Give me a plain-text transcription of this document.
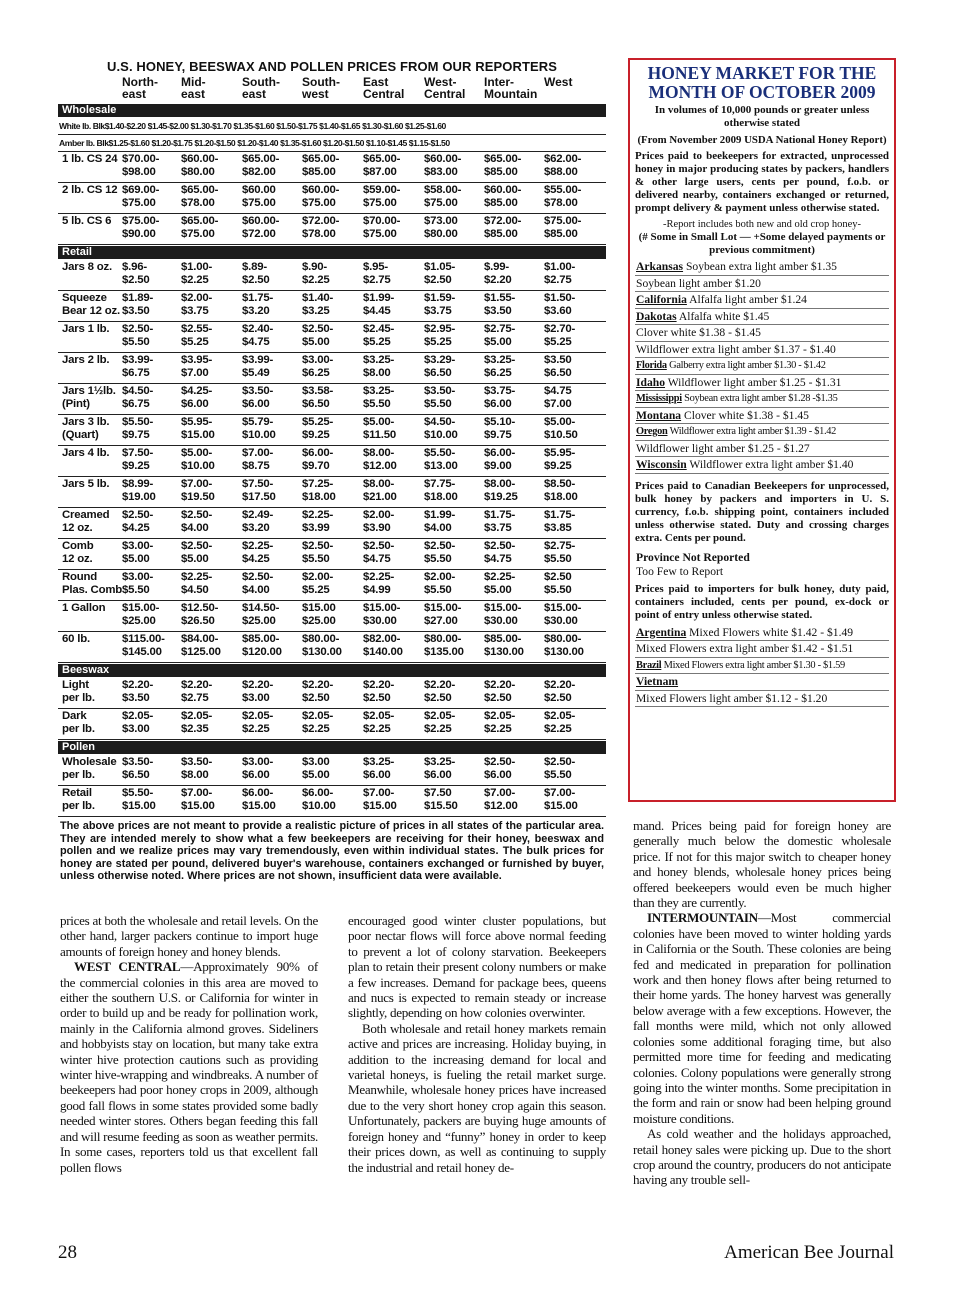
U.S. HONEY, BEESWAX AND POLLEN PRICES FROM OUR REPORTERS
North-
east
Mid-
east
South-
east
South-
west
East
Central
West-
Central
Inter-
Mountain
West
Wholesale
White lb. Blk$1.40-$2.20 $1.45-$2.00 $1.30-$1.70 $1.35-$1.60 $1.50-$1.75 $1.40-$1.65 $1.30-$1.60 $1.25-$1.60
Amber lb. Blk$1.25-$1.60 $1.20-$1.75 $1.20-$1.50 $1.20-$1.40 $1.35-$1.60 $1.20-$1.50 $1.10-$1.45 $1.15-$1.50
1 lb. CS 24 $70.00-
$98.00
$60.00-
$80.00
$65.00-
$82.00
$65.00-
$85.00
$65.00-
$87.00
$60.00-
$83.00
$65.00-
$85.00
$62.00-
$88.00
2 lb. CS 12 $69.00-
$75.00
$65.00-
$78.00
$60.00
$75.00
$60.00-
$75.00
$59.00-
$75.00
$58.00-
$75.00
$60.00-
$85.00
$55.00-
$78.00
5 lb. CS 6 $75.00-
$90.00
$65.00-
$75.00
$60.00-
$72.00
$72.00-
$78.00
$70.00-
$75.00
$73.00
$80.00
$72.00-
$85.00
$75.00-
$85.00
Retail
Jars 8 oz. $.96-
$2.50
$1.00-
$2.25
$.89-
$2.50
$.90-
$2.25
$.95-
$2.75
$1.05-
$2.50
$.99-
$2.20
$1.00-
$2.75
Squeeze
Bear 12 oz.
$1.89-
$3.50
$2.00-
$3.75
$1.75-
$3.20
$1.40-
$3.25
$1.99-
$4.45
$1.59-
$3.75
$1.55-
$3.50
$1.50-
$3.60
Jars 1 lb. $2.50-
$5.50
$2.55-
$5.25
$2.40-
$4.75
$2.50-
$5.00
$2.45-
$5.25
$2.95-
$5.25
$2.75-
$5.00
$2.70-
$5.25
Jars 2 lb. $3.99-
$6.75
$3.95-
$7.00
$3.99-
$5.49
$3.00-
$6.25
$3.25-
$8.00
$3.29-
$6.50
$3.25-
$6.25
$3.50
$6.50
Jars 1½lb.
(Pint)
$4.50-
$6.75
$4.25-
$6.00
$3.50-
$6.00
$3.58-
$6.50
$3.25-
$5.50
$3.50-
$5.50
$3.75-
$6.00
$4.75
$7.00
Jars 3 lb.
(Quart)
$5.50-
$9.75
$5.95-
$15.00
$5.79-
$10.00
$5.25-
$9.25
$5.00-
$11.50
$4.50-
$10.00
$5.10-
$9.75
$5.00-
$10.50
Jars 4 lb. $7.50-
$9.25
$5.00-
$10.00
$7.00-
$8.75
$6.00-
$9.70
$8.00-
$12.00
$5.50-
$13.00
$6.00-
$9.00
$5.95-
$9.25
Jars 5 lb. $8.99-
$19.00
$7.00-
$19.50
$7.50-
$17.50
$7.25-
$18.00
$8.00-
$21.00
$7.75-
$18.00
$8.00-
$19.25
$8.50-
$18.00
Creamed
12 oz.
$2.50-
$4.25
$2.50-
$4.00
$2.49-
$3.20
$2.25-
$3.99
$2.00-
$3.90
$1.99-
$4.00
$1.75-
$3.75
$1.75-
$3.85
Comb
12 oz.
$3.00-
$5.00
$2.50-
$5.00
$2.25-
$4.25
$2.50-
$5.50
$2.50-
$4.75
$2.50-
$5.50
$2.50-
$4.75
$2.75-
$5.50
Round
Plas. Comb
$3.00-
$5.50
$2.25-
$4.50
$2.50-
$4.00
$2.00-
$5.25
$2.25-
$4.99
$2.00-
$5.50
$2.25-
$5.00
$2.50
$5.50
1 Gallon $15.00-
$25.00
$12.50-
$26.50
$14.50-
$25.00
$15.00
$25.00
$15.00-
$30.00
$15.00-
$27.00
$15.00-
$30.00
$15.00-
$30.00
60 lb.	$115.00-
$145.00
$84.00-
$125.00
$85.00-
$120.00
$80.00-
$130.00
$82.00-
$140.00
$80.00-
$135.00
$85.00-
$130.00
$80.00-
$130.00
Beeswax
Light
per lb.
$2.20-
$3.50
$2.20-
$2.75
$2.20-
$3.00
$2.20-
$2.50
$2.20-
$2.50
$2.20-
$2.50
$2.20-
$2.50
$2.20-
$2.50
Dark
per lb.
$2.05-
$3.00
$2.05-
$2.35
$2.05-
$2.25
$2.05-
$2.25
$2.05-
$2.25
$2.05-
$2.25
$2.05-
$2.25
$2.05-
$2.25
Pollen
Wholesale
per lb.
$3.50-
$6.50
$3.50-
$8.00
$3.00-
$6.00
$3.00
$5.00
$3.25-
$6.00
$3.25-
$6.00
$2.50-
$6.00
$2.50-
$5.50
Retail
per lb.
$5.50-
$15.00
$7.00-
$15.00
$6.00-
$15.00
$6.00-
$10.00
$7.00-
$15.00
$7.50
$15.50
$7.00-
$12.00
$7.00-
$15.00
The above prices are not meant to provide a realistic picture of prices in all states of the particular area. They are intended merely to show what a few beekeepers are receiving for their honey, beeswax and pollen and we realize prices may vary tremendously, even within individual states. The bulk prices for honey are stated per pound, delivered buyer's warehouse, containers exchanged or furnished by buyer, unless otherwise noted. Where prices are not shown, insufficient data were available.
HONEY MARKET FOR THE MONTH OF OCTOBER 2009
In volumes of 10,000 pounds or greater unless otherwise stated
(From November 2009 USDA National Honey Report)
Prices paid to beekeepers for extracted, unprocessed honey in major producing states by packers, handlers & other large users, cents per pound, f.o.b. or delivered nearby, containers exchanged or returned, prompt delivery & payment unless otherwise stated.
-Report includes both new and old crop honey-
(# Some in Small Lot — +Some delayed payments or previous commitment)
Arkansas Soybean extra light amber $1.35
Soybean light amber $1.20
California Alfalfa light amber $1.24
Dakotas Alfalfa white $1.45
Clover white $1.38 - $1.45
Wildflower extra light amber $1.37 - $1.40
Florida Galberry extra light amber $1.30 - $1.42
Idaho Wildflower light amber $1.25 - $1.31
Mississippi Soybean extra light amber $1.28 -$1.35
Montana Clover white $1.38 - $1.45
Oregon Wildflower extra light amber $1.39 - $1.42
Wildflower light amber $1.25 - $1.27
Wisconsin Wildflower extra light amber $1.40
Prices paid to Canadian Beekeepers for unprocessed, bulk honey by packers and importers in U. S. currency, f.o.b. shipping point, containers included unless otherwise stated. Duty and crossing charges extra. Cents per pound.
Province Not Reported
Too Few to Report
Prices paid to importers for bulk honey, duty paid, containers included, cents per pound, ex-dock or point of entry unless otherwise stated.
Argentina Mixed Flowers white $1.42 - $1.49
Mixed Flowers extra light amber $1.42 - $1.51
Brazil Mixed Flowers extra light amber $1.30 - $1.59
Vietnam
Mixed Flowers light amber $1.12 - $1.20

prices at both the wholesale and retail levels. On the other hand, larger packers continue to import huge amounts of foreign honey and honey blends.

WEST CENTRAL—Approximately 90% of the commercial colonies in this area are moved to either the southern U.S. or California for winter in order to build up and be ready for pollination work, mainly in the California almond groves. Sideliners and hobbyists stay on location, but many take extra winter hive protection cautions such as providing winter hive-wrapping and windbreaks. A number of beekeepers had poor honey crops in 2009, although good fall flows in some states provided some badly needed winter stores. Others began feeding this fall and will resume feeding as soon as weather permits. In some cases, reporters told us that excellent fall pollen flows

encouraged good winter cluster populations, but poor nectar flows will force above normal feeding to prevent a lot of colony starvation. Beekeepers plan to retain their present colony numbers or make a few increases. Demand for package bees, queens and nucs is expected to remain steady or increase slightly, depending on how colonies overwinter.

Both wholesale and retail honey markets remain active and prices are increasing. Holiday buying, in addition to the increasing demand for local and varietal honeys, is fueling the retail market surge. Meanwhile, wholesale honey prices have increased due to the very short honey crop again this season. Unfortunately, packers are buying huge amounts of foreign honey and “funny” honey in order to keep their prices down, as well as continuing to supply the industrial and retail honey de-

mand. Prices being paid for foreign honey are generally much below the domestic wholesale price. If not for this major switch to cheaper honey and honey blends, wholesale honey prices being offered beekeepers would even be much higher than they are currently.

INTERMOUNTAIN—Most commercial colonies have been moved to winter holding yards in California or the South. These colonies are being fed and medicated in preparation for pollination work and then honey flows after being returned to their home yards. The honey harvest was generally below average with a few exceptions. However, the fall months were mild, which not only allowed colonies some additional foraging time, but also permitted more time for feeding and medicating colonies. Colony populations were generally strong going into the winter months. Some precipitation in the form and rain or snow had been helping ground moisture conditions.

As cold weather and the holidays approached, retail honey sales were picking up. Due to the short crop around the country, producers do not anticipate having any trouble sell-

28	American Bee Journal
